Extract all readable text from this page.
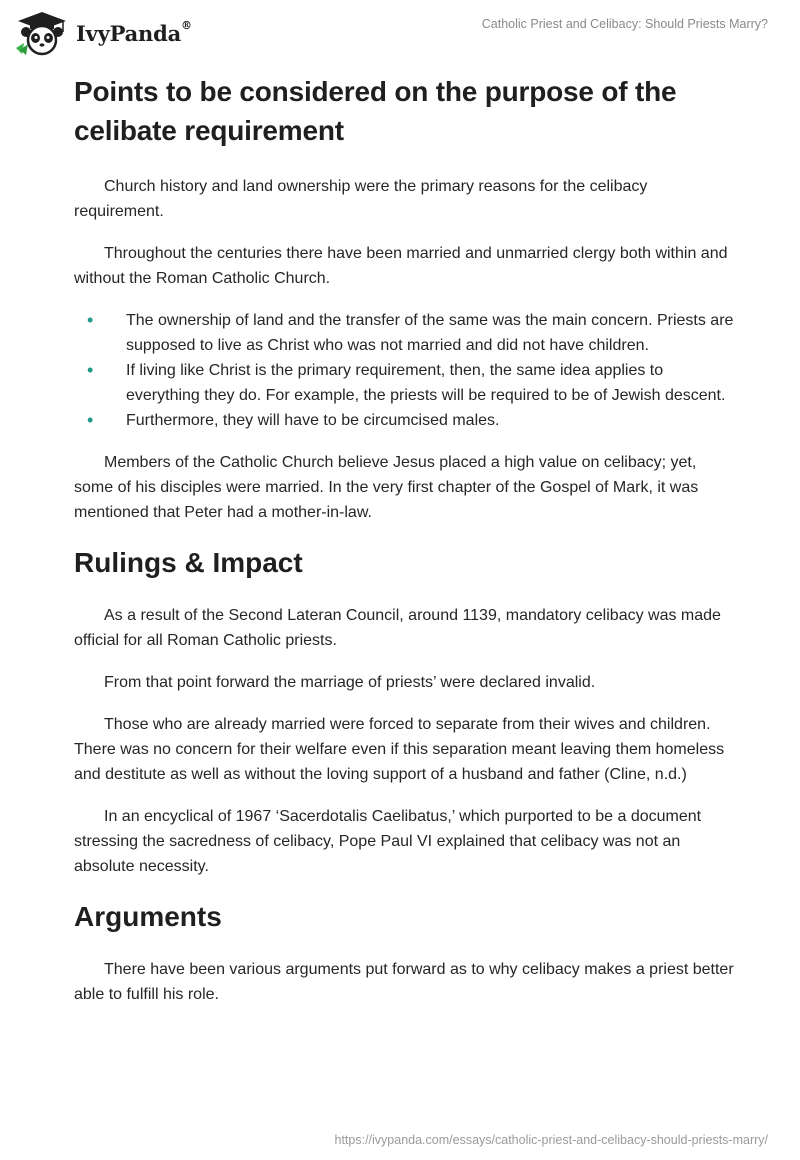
IvyPanda®	Catholic Priest and Celibacy: Should Priests Marry?
Points to be considered on the purpose of the celibate requirement

Church history and land ownership were the primary reasons for the celibacy requirement.

Throughout the centuries there have been married and unmarried clergy both within and without the Roman Catholic Church.

• The ownership of land and the transfer of the same was the main concern. Priests are supposed to live as Christ who was not married and did not have children.
• If living like Christ is the primary requirement, then, the same idea applies to everything they do. For example, the priests will be required to be of Jewish descent.
• Furthermore, they will have to be circumcised males.

Members of the Catholic Church believe Jesus placed a high value on celibacy; yet, some of his disciples were married. In the very first chapter of the Gospel of Mark, it was mentioned that Peter had a mother-in-law.

Rulings & Impact

As a result of the Second Lateran Council, around 1139, mandatory celibacy was made official for all Roman Catholic priests.

From that point forward the marriage of priests’ were declared invalid.

Those who are already married were forced to separate from their wives and children. There was no concern for their welfare even if this separation meant leaving them homeless and destitute as well as without the loving support of a husband and father (Cline, n.d.)

In an encyclical of 1967 ‘Sacerdotalis Caelibatus,’ which purported to be a document stressing the sacredness of celibacy, Pope Paul VI explained that celibacy was not an absolute necessity.

Arguments

There have been various arguments put forward as to why celibacy makes a priest better able to fulfill his role.

https://ivypanda.com/essays/catholic-priest-and-celibacy-should-priests-marry/
